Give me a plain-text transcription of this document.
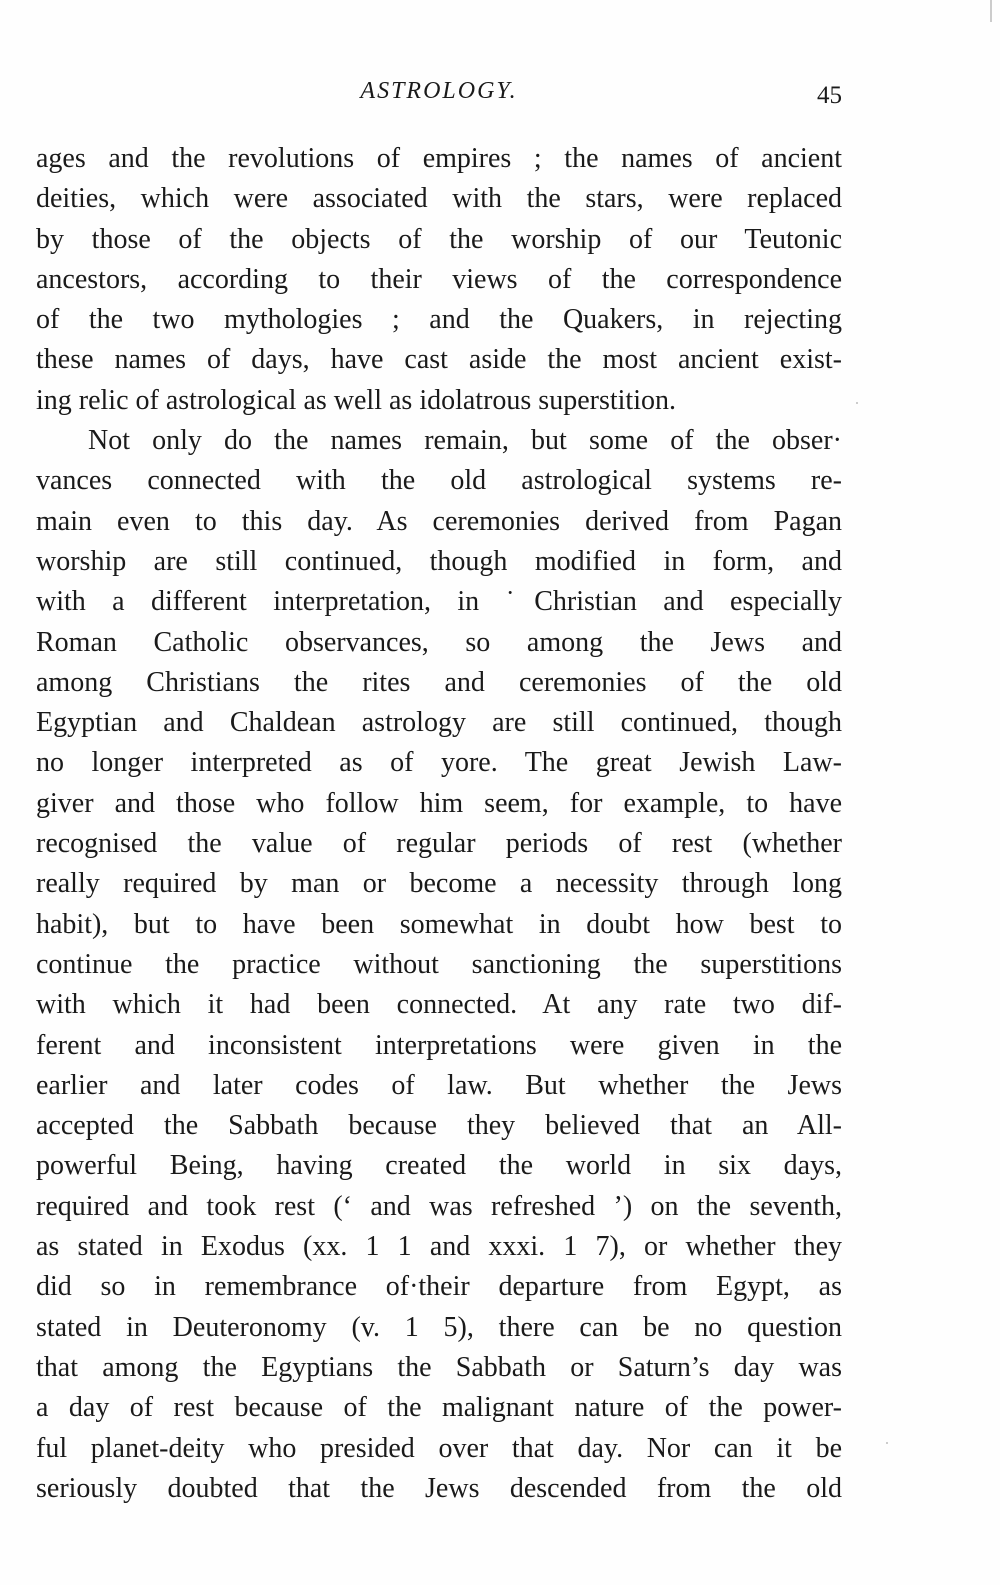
ASTROLOGY.	45
ages and the revolutions of empires ; the names of ancient
deities, which were associated with the stars, were replaced
by those of the objects of the worship of our Teutonic
ancestors, according to their views of the correspondence
of the two mythologies ; and the Quakers, in rejecting
these names of days, have cast aside the most ancient exist-
ing relic of astrological as well as idolatrous superstition.
Not only do the names remain, but some of the obser·
vances connected with the old astrological systems re-
main even to this day. As ceremonies derived from Pagan
worship are still continued, though modified in form, and
with a different interpretation, in ˙Christian and especially
Roman Catholic observances, so among the Jews and
among Christians the rites and ceremonies of the old
Egyptian and Chaldean astrology are still continued, though
no longer interpreted as of yore. The great Jewish Law-
giver and those who follow him seem, for example, to have
recognised the value of regular periods of rest (whether
really required by man or become a necessity through long
habit), but to have been somewhat in doubt how best to
continue the practice without sanctioning the superstitions
with which it had been connected. At any rate two dif-
ferent and inconsistent interpretations were given in the
earlier and later codes of law. But whether the Jews
accepted the Sabbath because they believed that an All-
powerful Being, having created the world in six days,
required and took rest (‘ and was refreshed ’) on the seventh,
as stated in Exodus (xx. 1 1 and xxxi. 1 7), or whether they
did so in remembrance of·their departure from Egypt, as
stated in Deuteronomy (v. 1 5), there can be no question
that among the Egyptians the Sabbath or Saturn’s day was
a day of rest because of the malignant nature of the power-
ful planet-deity who presided over that day. Nor can it be
seriously doubted that the Jews descended from the old
